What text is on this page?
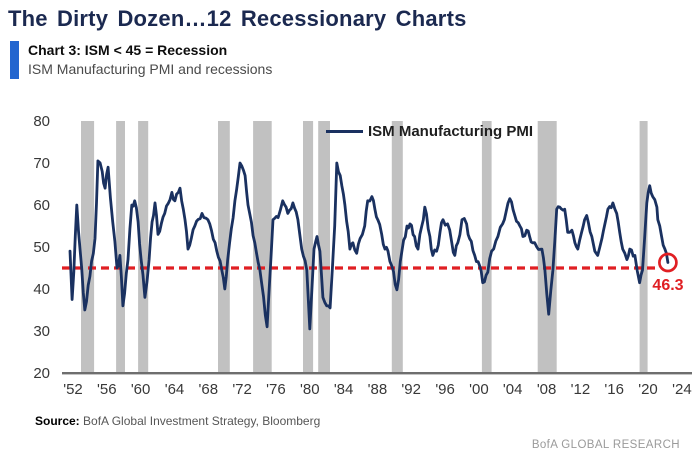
80
70
60
50
40
30
20
'52 '56 '60 '64 '68 '72 '76 '80 '84 '88 '92 '96 '00 '04 '08 '12 '16 '20 '24
The Dirty Dozen…12 Recessionary Charts
Chart 3: ISM < 45 = Recession
ISM Manufacturing PMI and recessions
ISM Manufacturing PMI
46.3
Source: BofA Global Investment Strategy, Bloomberg
BofA GLOBAL RESEARCH
